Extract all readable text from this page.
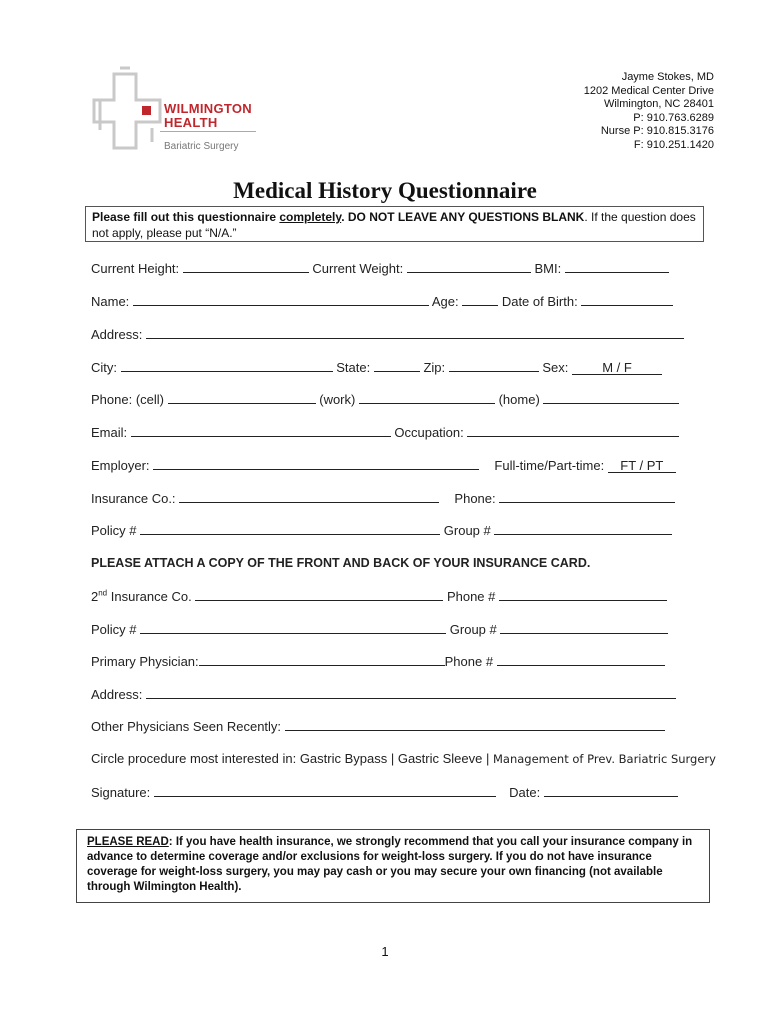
WILMINGTON
HEALTH
Bariatric Surgery
Jayme Stokes, MD
1202 Medical Center Drive
Wilmington, NC 28401
P: 910.763.6289
Nurse P: 910.815.3176
F: 910.251.1420
Medical History Questionnaire
Please fill out this questionnaire completely. DO NOT LEAVE ANY QUESTIONS BLANK. If the question does not apply, please put “N/A.”
Current Height:	Current Weight:	BMI:
Name:	Age:	Date of Birth:
Address:
City:	State:	Zip:	Sex:	M / F
Phone: (cell)	(work)	(home)
Email:	Occupation:
Employer:	Full-time/Part-time: FT / PT
Insurance Co.:	Phone:
Policy #	Group #
PLEASE ATTACH A COPY OF THE FRONT AND BACK OF YOUR INSURANCE CARD.
2nd Insurance Co.	Phone #
Policy #	Group #
Primary Physician:	Phone #
Address:
Other Physicians Seen Recently:
Circle procedure most interested in: Gastric Bypass | Gastric Sleeve | Management of Prev. Bariatric Surgery
Signature:	Date:
PLEASE READ: If you have health insurance, we strongly recommend that you call your insurance company in advance to determine coverage and/or exclusions for weight-loss surgery. If you do not have insurance coverage for weight-loss surgery, you may pay cash or you may secure your own financing (not available through Wilmington Health).
1
